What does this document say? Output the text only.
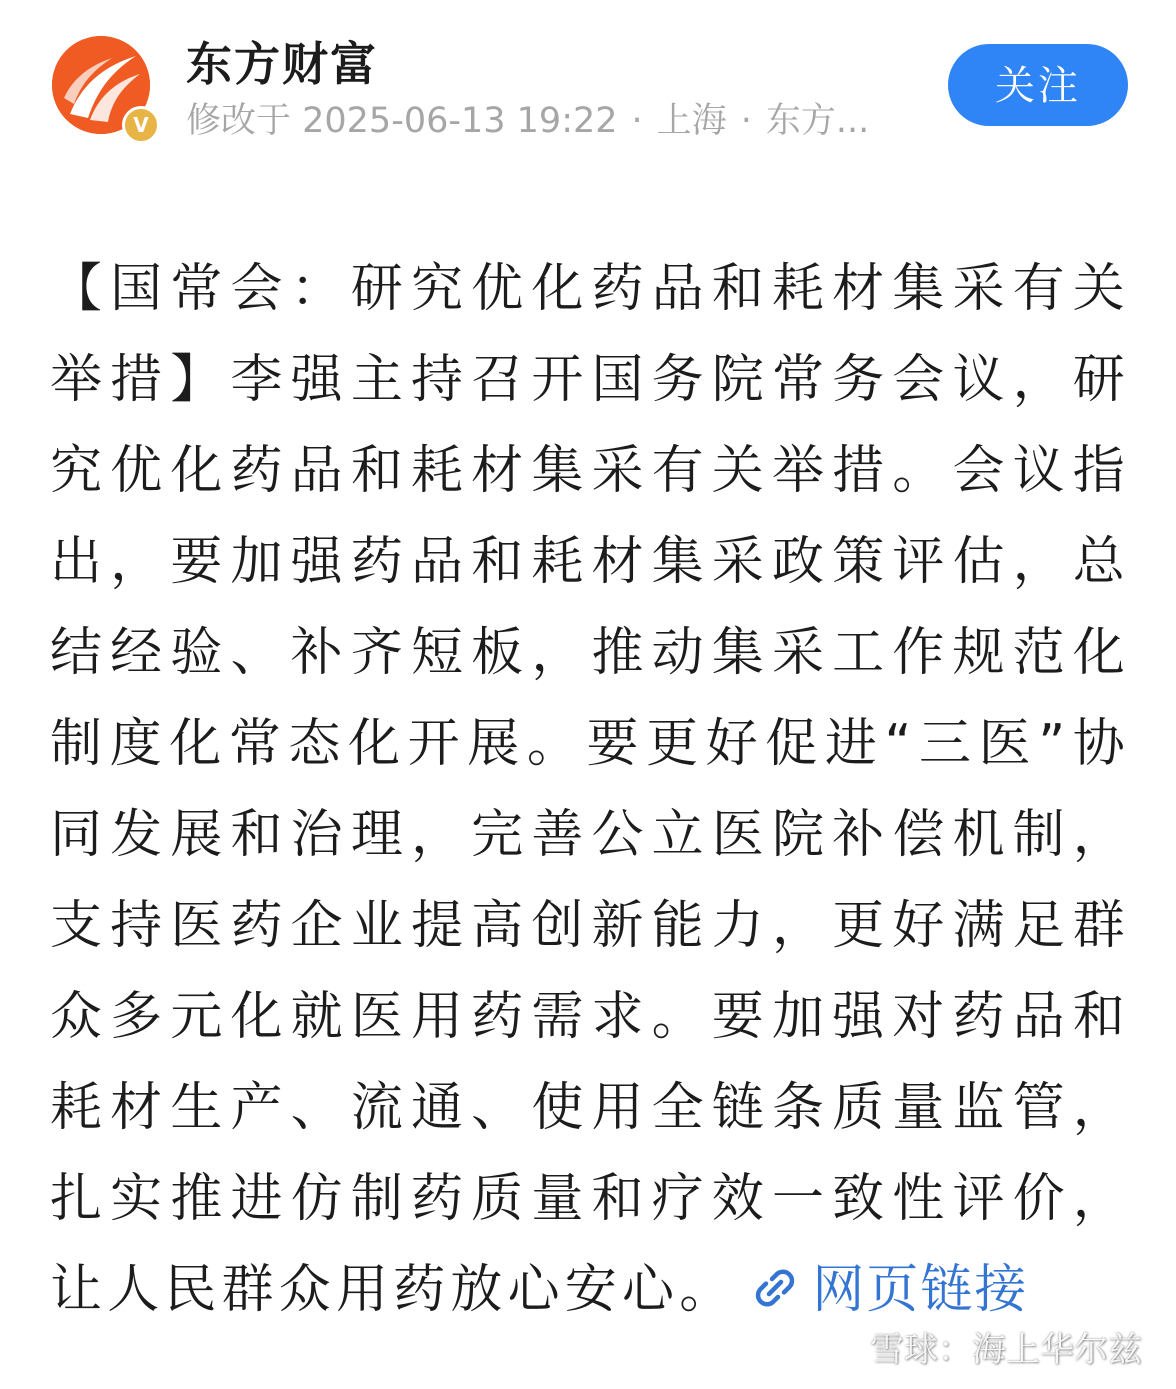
V
东方财富
修改于 2025-06-13 19:22 · 上海 · 东方...
关注

【国常会：研究优化药品和耗材集采有关举措】李强主持召开国务院常务会议，研究优化药品和耗材集采有关举措。会议指出，要加强药品和耗材集采政策评估，总结经验、补齐短板，推动集采工作规范化制度化常态化开展。要更好促进“三医”协同发展和治理，完善公立医院补偿机制，支持医药企业提高创新能力，更好满足群众多元化就医用药需求。要加强对药品和耗材生产、流通、使用全链条质量监管，扎实推进仿制药质量和疗效一致性评价，让人民群众用药放心安心。 网页链接

雪球：海上华尔兹
